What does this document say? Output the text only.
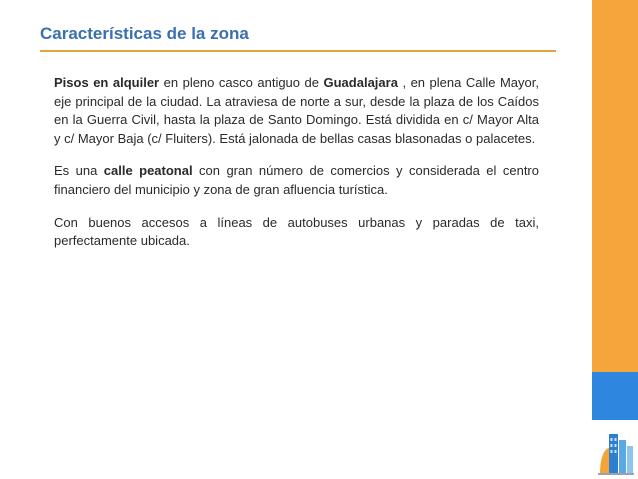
Características de la zona

Pisos en alquiler en pleno casco antiguo de Guadalajara , en plena Calle Mayor, eje principal de la ciudad. La atraviesa de norte a sur, desde la plaza de los Caídos en la Guerra Civil, hasta la plaza de Santo Domingo. Está dividida en c/ Mayor Alta y c/ Mayor Baja (c/ Fluiters). Está jalonada de bellas casas blasonadas o palacetes.

Es una calle peatonal con gran número de comercios y considerada el centro financiero del municipio y zona de gran afluencia turística.

Con buenos accesos a líneas de autobuses urbanas y paradas de taxi, perfectamente ubicada.
